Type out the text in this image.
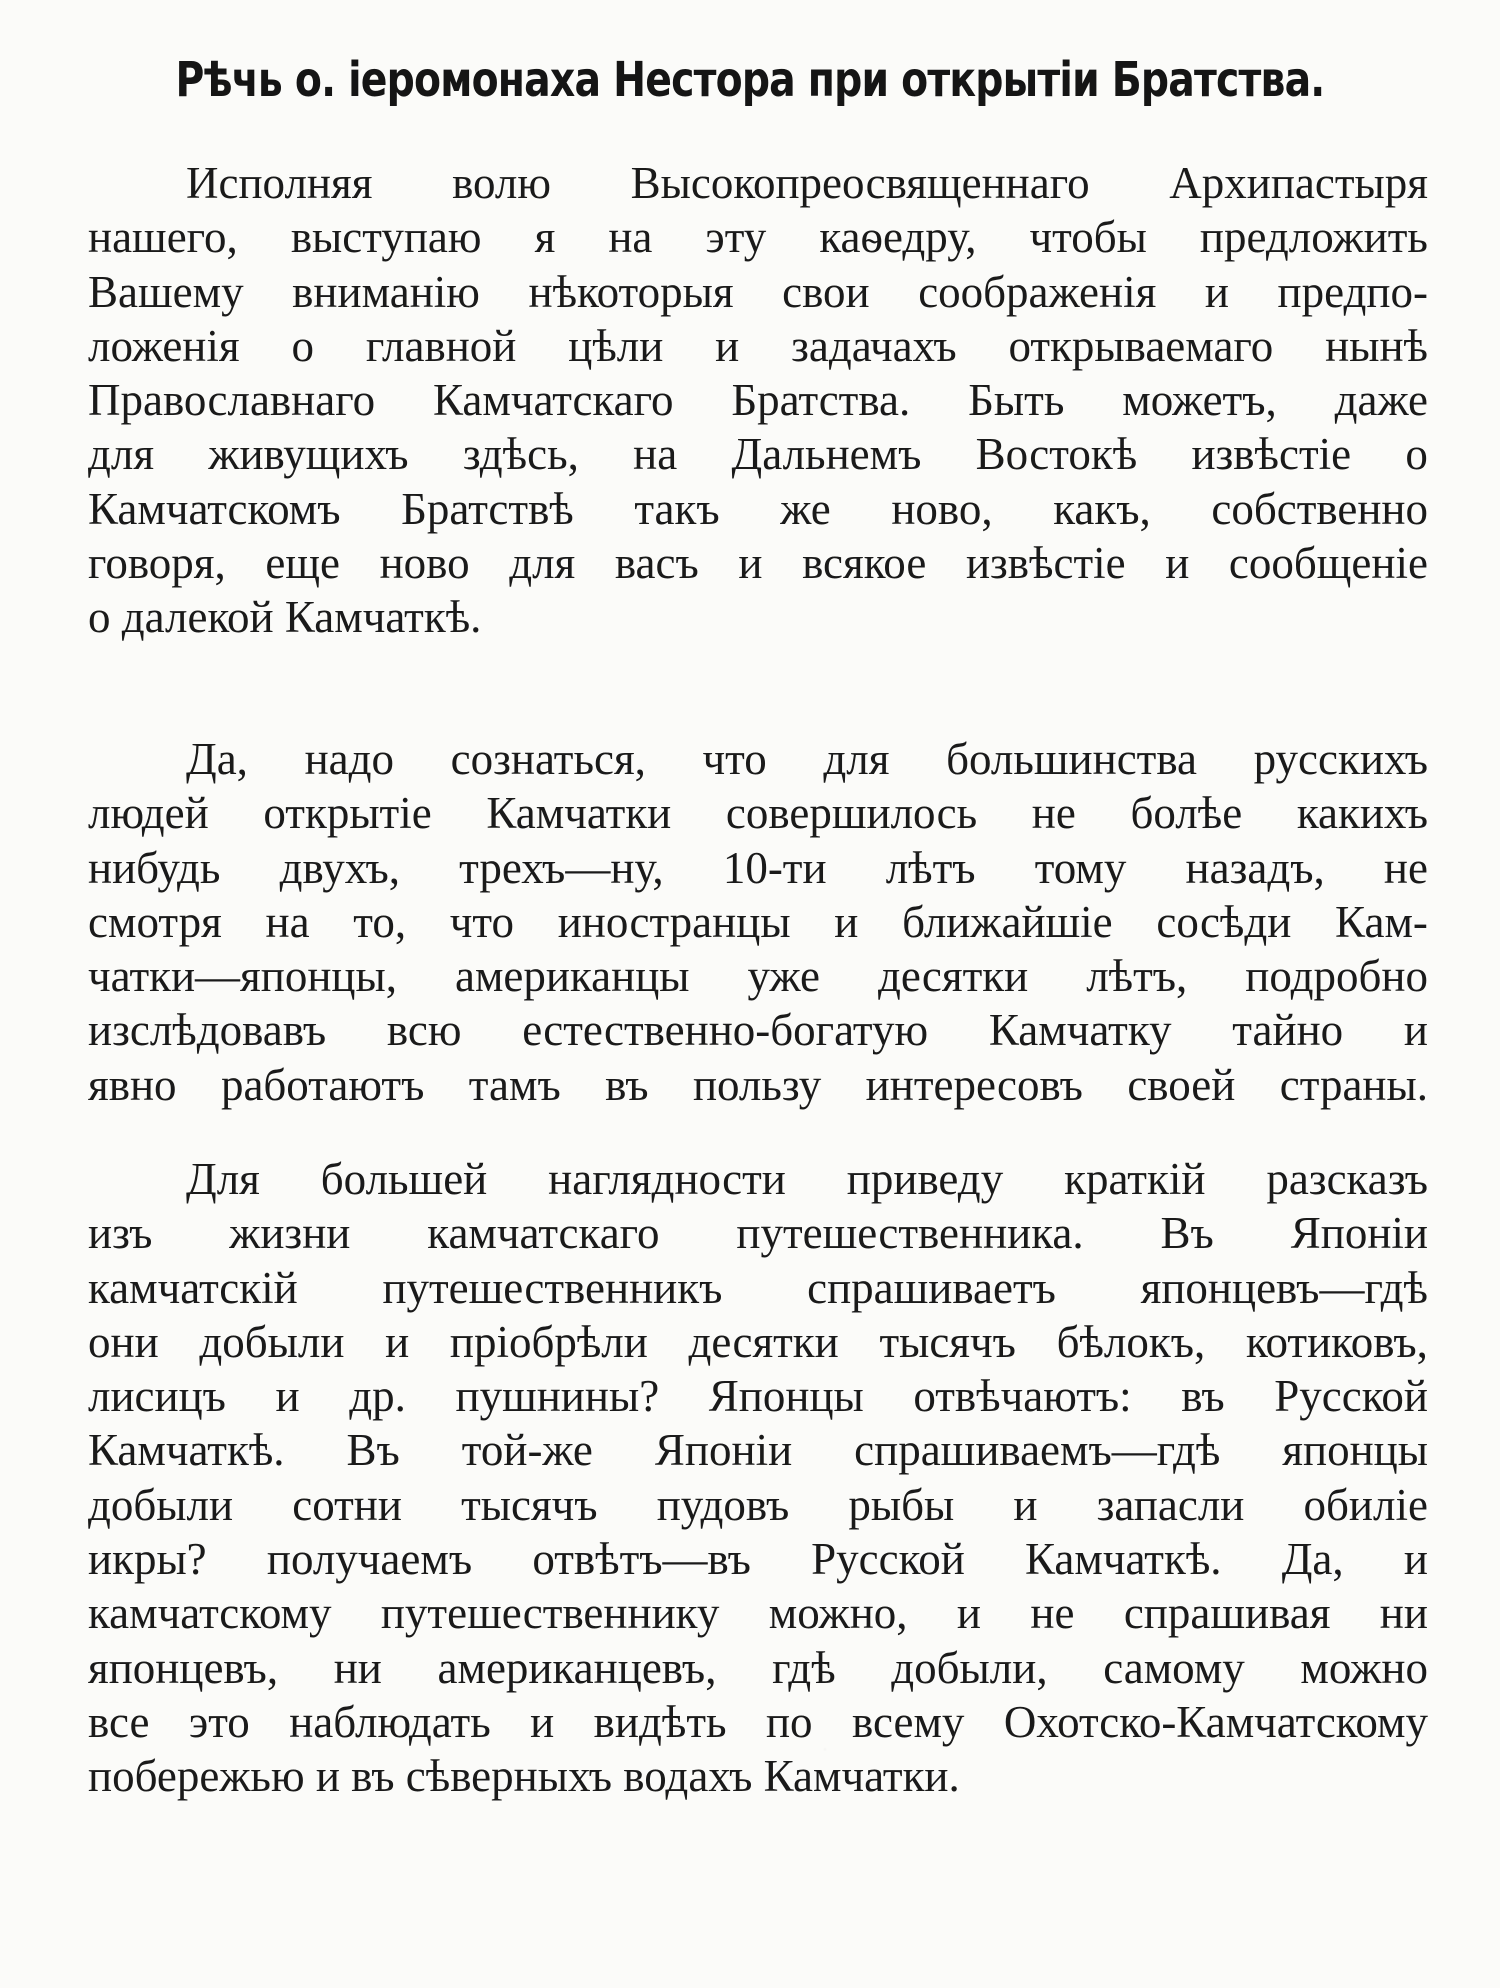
Рѣчь о. іеромонаха Нестора при открытіи Братства.
Исполняя волю Высокопреосвященнаго Архипастыря
нашего, выступаю я на эту каѳедру, чтобы предложить
Вашему вниманію нѣкоторыя свои соображенія и предпо-
ложенія о главной цѣли и задачахъ открываемаго нынѣ
Православнаго Камчатскаго Братства. Быть можетъ, даже
для живущихъ здѣсь, на Дальнемъ Востокѣ извѣстіе о
Камчатскомъ Братствѣ такъ же ново, какъ, собственно
говоря, еще ново для васъ и всякое извѣстіе и сообщеніе
о далекой Камчаткѣ.
Да, надо сознаться, что для большинства русскихъ
людей открытіе Камчатки совершилось не болѣе какихъ
нибудь двухъ, трехъ—ну, 10-ти лѣтъ тому назадъ, не
смотря на то, что иностранцы и ближайшіе сосѣди Кам-
чатки—японцы, американцы уже десятки лѣтъ, подробно
изслѣдовавъ всю естественно-богатую Камчатку тайно и
явно работаютъ тамъ въ пользу интересовъ своей страны.
Для большей наглядности приведу краткій разсказъ
изъ жизни камчатскаго путешественника. Въ Японіи
камчатскій путешественникъ спрашиваетъ японцевъ—гдѣ
они добыли и пріобрѣли десятки тысячъ бѣлокъ, котиковъ,
лисицъ и др. пушнины? Японцы отвѣчаютъ: въ Русской
Камчаткѣ. Въ той-же Японіи спрашиваемъ—гдѣ японцы
добыли сотни тысячъ пудовъ рыбы и запасли обиліе
икры? получаемъ отвѣтъ—въ Русской Камчаткѣ. Да, и
камчатскому путешественнику можно, и не спрашивая ни
японцевъ, ни американцевъ, гдѣ добыли, самому можно
все это наблюдать и видѣть по всему Охотско-Камчатскому
побережью и въ сѣверныхъ водахъ Камчатки.
